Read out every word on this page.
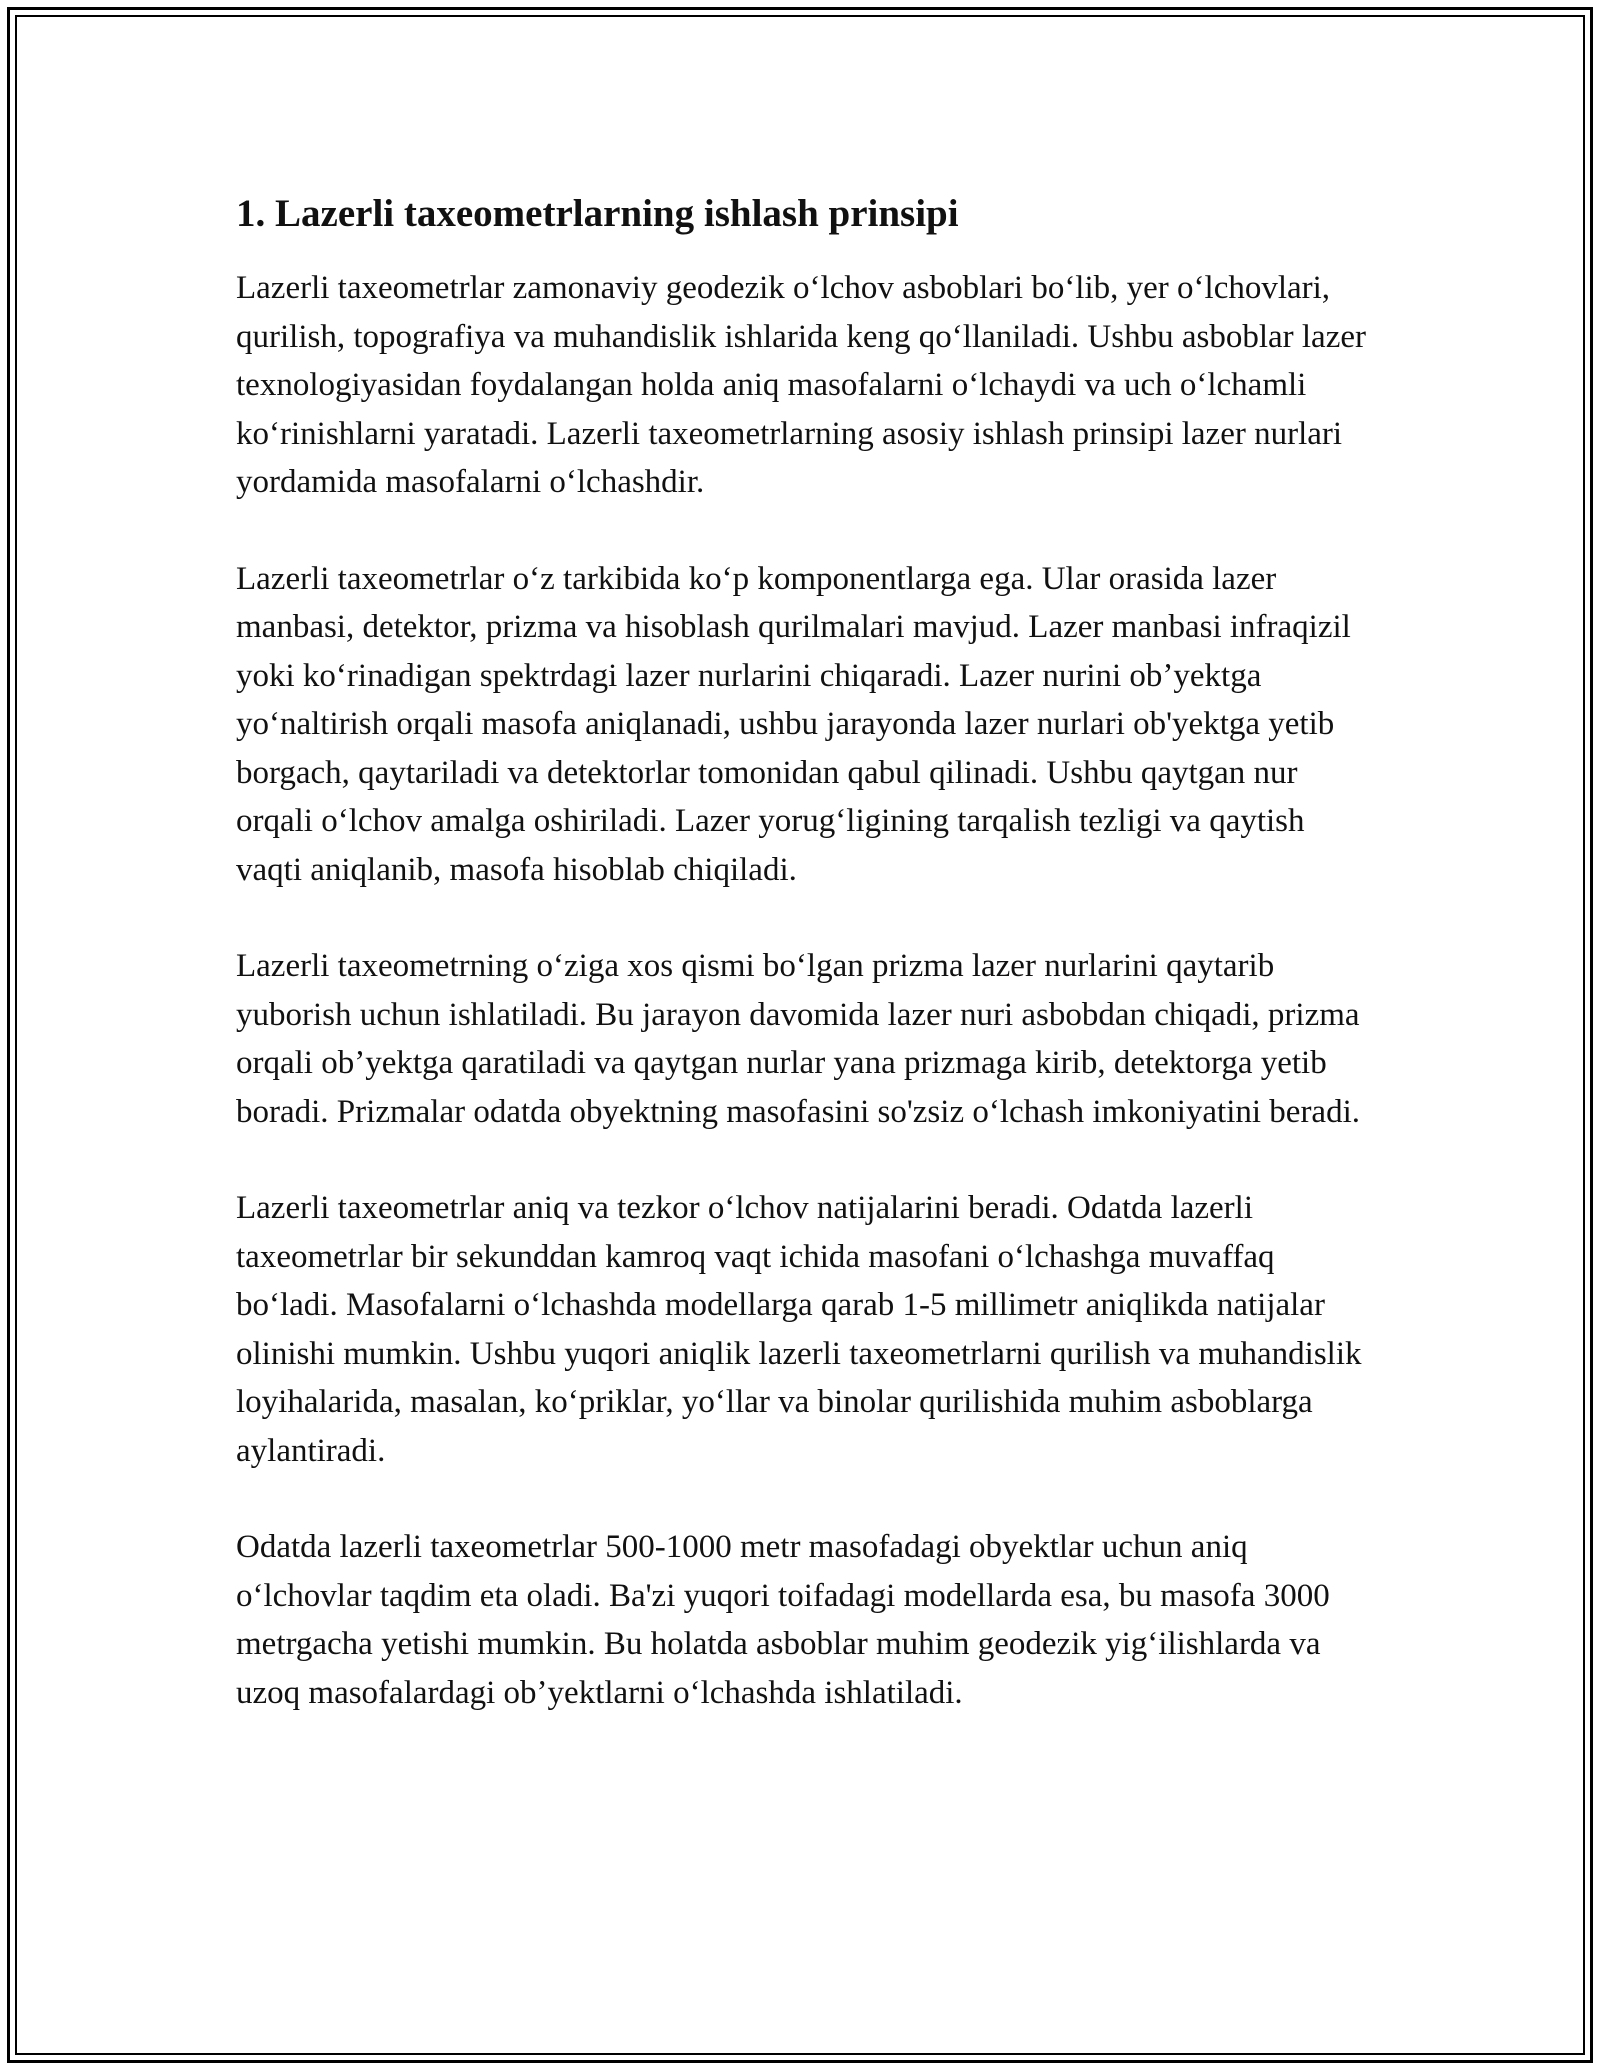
1. Lazerli taxeometrlarning ishlash prinsipi

Lazerli taxeometrlar zamonaviy geodezik oʻlchov asboblari boʻlib, yer oʻlchovlari, qurilish, topografiya va muhandislik ishlarida keng qoʻllaniladi. Ushbu asboblar lazer texnologiyasidan foydalangan holda aniq masofalarni oʻlchaydi va uch oʻlchamli koʻrinishlarni yaratadi. Lazerli taxeometrlarning asosiy ishlash prinsipi lazer nurlari yordamida masofalarni oʻlchashdir.

Lazerli taxeometrlar oʻz tarkibida koʻp komponentlarga ega. Ular orasida lazer manbasi, detektor, prizma va hisoblash qurilmalari mavjud. Lazer manbasi infraqizil yoki koʻrinadigan spektrdagi lazer nurlarini chiqaradi. Lazer nurini obʼyektga yoʻnaltirish orqali masofa aniqlanadi, ushbu jarayonda lazer nurlari ob'yektga yetib borgach, qaytariladi va detektorlar tomonidan qabul qilinadi. Ushbu qaytgan nur orqali oʻlchov amalga oshiriladi. Lazer yorugʻligining tarqalish tezligi va qaytish vaqti aniqlanib, masofa hisoblab chiqiladi.

Lazerli taxeometrning oʻziga xos qismi boʻlgan prizma lazer nurlarini qaytarib yuborish uchun ishlatiladi. Bu jarayon davomida lazer nuri asbobdan chiqadi, prizma orqali obʼyektga qaratiladi va qaytgan nurlar yana prizmaga kirib, detektorga yetib boradi. Prizmalar odatda obyektning masofasini so'zsiz oʻlchash imkoniyatini beradi.

Lazerli taxeometrlar aniq va tezkor oʻlchov natijalarini beradi. Odatda lazerli taxeometrlar bir sekunddan kamroq vaqt ichida masofani oʻlchashga muvaffaq boʻladi. Masofalarni oʻlchashda modellarga qarab 1-5 millimetr aniqlikda natijalar olinishi mumkin. Ushbu yuqori aniqlik lazerli taxeometrlarni qurilish va muhandislik loyihalarida, masalan, koʻpriklar, yoʻllar va binolar qurilishida muhim asboblarga aylantiradi.

Odatda lazerli taxeometrlar 500-1000 metr masofadagi obyektlar uchun aniq oʻlchovlar taqdim eta oladi. Ba'zi yuqori toifadagi modellarda esa, bu masofa 3000 metrgacha yetishi mumkin. Bu holatda asboblar muhim geodezik yigʻilishlarda va uzoq masofalardagi obʼyektlarni oʻlchashda ishlatiladi.
